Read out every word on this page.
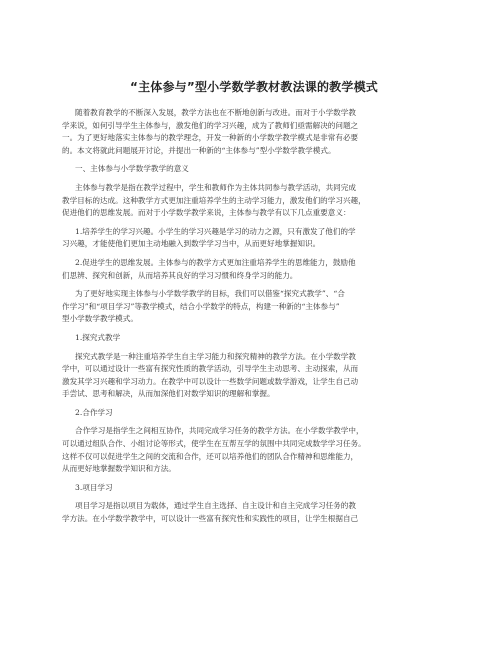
“主体参与”型小学数学教材教法课的教学模式
随着教育教学的不断深入发展，教学方法也在不断地创新与改进。而对于小学数学教
学来说，如何引导学生主体参与，激发他们的学习兴趣，成为了教师们亟需解决的问题之
一。为了更好地落实主体参与的教学理念，开发一种新的小学数学教学模式是非常有必要
的。本文将就此问题展开讨论，并提出一种新的“主体参与”型小学数学教学模式。
一、主体参与小学数学教学的意义
主体参与教学是指在教学过程中，学生和教师作为主体共同参与教学活动，共同完成
教学目标的达成。这种教学方式更加注重培养学生的主动学习能力，激发他们的学习兴趣，
促进他们的思维发展。而对于小学数学教学来说，主体参与教学有以下几点重要意义：
1.培养学生的学习兴趣。小学生的学习兴趣是学习的动力之源，只有激发了他们的学
习兴趣，才能使他们更加主动地融入到数学学习当中，从而更好地掌握知识。
2.促进学生的思维发展。主体参与的教学方式更加注重培养学生的思维能力，鼓励他
们思辨、探究和创新，从而培养其良好的学习习惯和终身学习的能力。
为了更好地实现主体参与小学数学教学的目标，我们可以借鉴“探究式教学”、“合
作学习”和“项目学习”等教学模式，结合小学数学的特点，构建一种新的“主体参与”
型小学数学教学模式。
1.探究式教学
探究式教学是一种注重培养学生自主学习能力和探究精神的教学方法。在小学数学教
学中，可以通过设计一些富有探究性质的教学活动，引导学生主动思考、主动探索，从而
激发其学习兴趣和学习动力。在教学中可以设计一些数学问题或数学游戏，让学生自己动
手尝试、思考和解决，从而加深他们对数学知识的理解和掌握。
2.合作学习
合作学习是指学生之间相互协作，共同完成学习任务的教学方法。在小学数学教学中，
可以通过组队合作、小组讨论等形式，使学生在互帮互学的氛围中共同完成数学学习任务。
这样不仅可以促进学生之间的交流和合作，还可以培养他们的团队合作精神和思维能力，
从而更好地掌握数学知识和方法。
3.项目学习
项目学习是指以项目为载体，通过学生自主选择、自主设计和自主完成学习任务的教
学方法。在小学数学教学中，可以设计一些富有探究性和实践性的项目，让学生根据自己
